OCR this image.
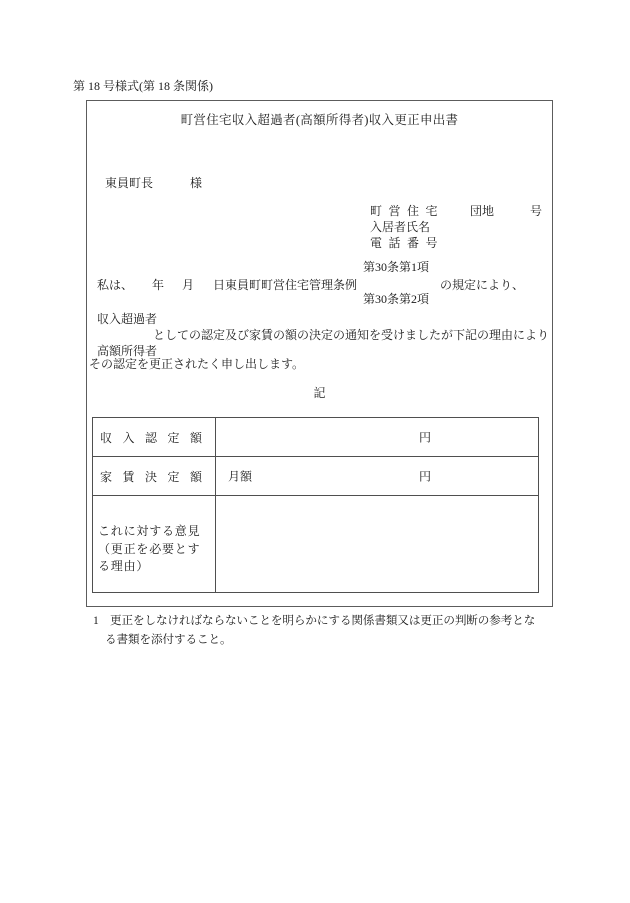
第 18 号様式(第 18 条関係)
町営住宅収入超過者(高額所得者)収入更正申出書
東員町長	様
町営住宅 団地	号
入居者氏名
電話番号
第30条第1項
私は、 年 月 日東員町町営住宅管理条例	の規定により、
第30条第2項
収入超過者
としての認定及び家賃の額の決定の通知を受けましたが下記の理由により
高額所得者
その認定を更正されたく申し出します。
記
収入認定額	円
家賃決定額 月額	円
これに対する意見
（更正を必要とす
る理由）
1 更正をしなければならないことを明らかにする関係書類又は更正の判断の参考とな
る書類を添付すること。
